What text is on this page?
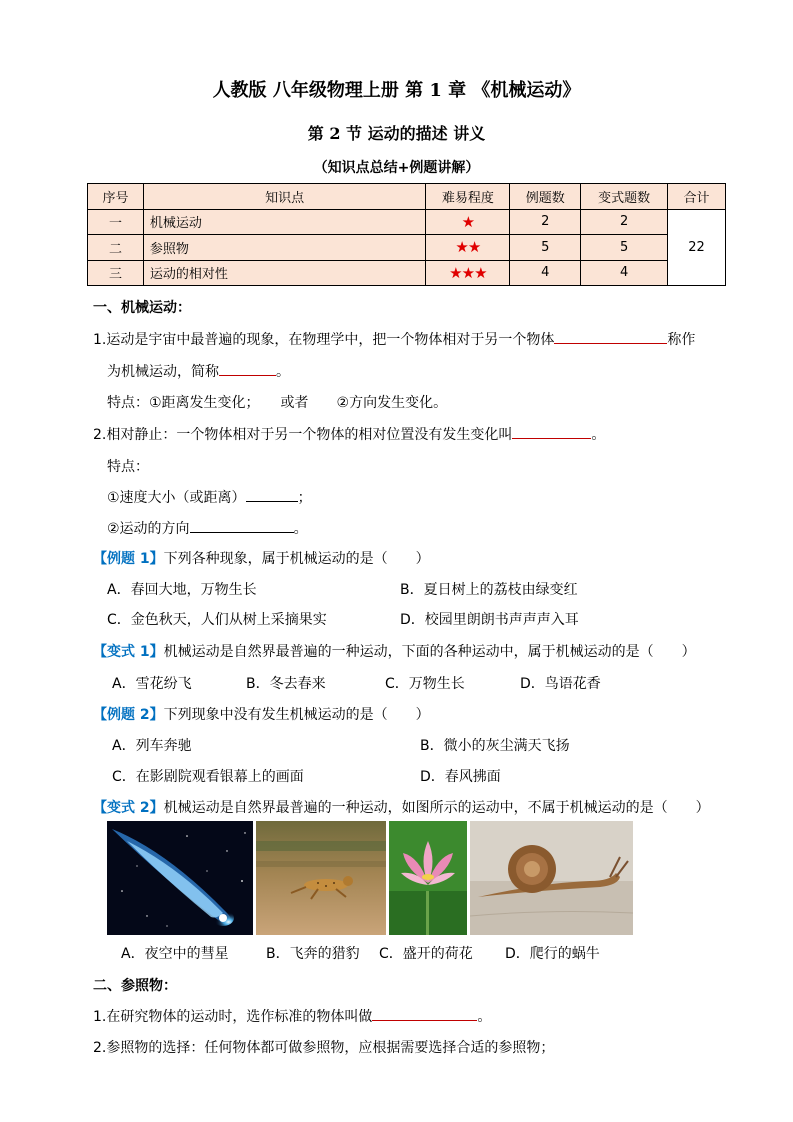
人教版 八年级物理上册 第 1 章 《机械运动》
第 2 节 运动的描述 讲义
（知识点总结+例题讲解）
序号	知识点	难易程度	例题数	变式题数	合计
一	机械运动	★	2	2	22
二	参照物	★★	5	5	
三	运动的相对性	★★★	4	4	
一、机械运动：
1.运动是宇宙中最普遍的现象，在物理学中，把一个物体相对于另一个物体	称作
为机械运动，简称	。
特点：①距离发生变化；　　或者　　②方向发生变化。
2.相对静止：一个物体相对于另一个物体的相对位置没有发生变化叫	。
特点：
①速度大小（或距离）	；
②运动的方向	。
【例题 1】下列各种现象，属于机械运动的是（　　）
A．春回大地，万物生长	B．夏日树上的荔枝由绿变红
C．金色秋天，人们从树上采摘果实	D．校园里朗朗书声声声入耳
【变式 1】机械运动是自然界最普遍的一种运动，下面的各种运动中，属于机械运动的是（　　）
A．雪花纷飞	B．冬去春来	C．万物生长	D．鸟语花香
【例题 2】下列现象中没有发生机械运动的是（　　）
A．列车奔驰	B．微小的灰尘满天飞扬
C．在影剧院观看银幕上的画面	D．春风拂面
【变式 2】机械运动是自然界最普遍的一种运动，如图所示的运动中，不属于机械运动的是（　　）
A．夜空中的彗星	B．飞奔的猎豹 C．盛开的荷花 D．爬行的蜗牛
二、参照物：
1.在研究物体的运动时，选作标准的物体叫做	。
2.参照物的选择：任何物体都可做参照物，应根据需要选择合适的参照物；
